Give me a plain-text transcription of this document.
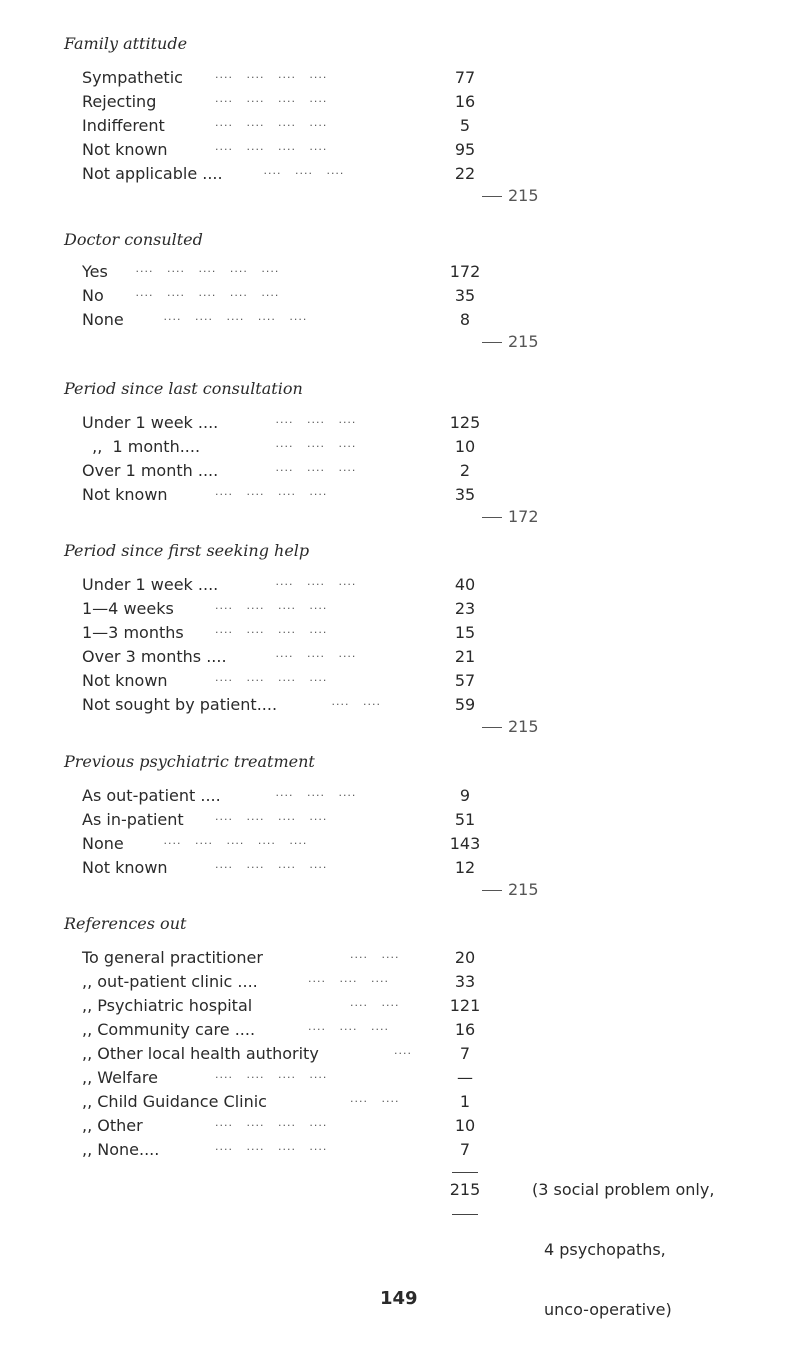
Family attitude
Sympathetic	....   ....   ....   ....	77
Rejecting	....   ....   ....   ....	16
Indifferent	....   ....   ....   ....	5
Not known	....   ....   ....   ....	95
Not applicable .... ....   ....   ....	22
215
Doctor consulted
Yes ....   ....   ....   ....   ....	172
No ....   ....   ....   ....   ....	35
None ....   ....   ....   ....   ....	8
215
Period since last consultation
Under 1 week ....	....   ....   ....	125
,,  1 month....	....   ....   ....	10
Over 1 month ....	....   ....   ....	2
Not known	....   ....   ....   ....	35
172
Period since first seeking help
Under 1 week ....	....   ....   ....	40
1—4 weeks	....   ....   ....   ....	23
1—3 months	....   ....   ....   ....	15
Over 3 months ....	....   ....   ....	21
Not known	....   ....   ....   ....	57
Not sought by patient....	....   ....	59
215
Previous psychiatric treatment
As out-patient ....	....   ....   ....	9
As in-patient	....   ....   ....   ....	51
None ....   ....   ....   ....   ....	143
Not known	....   ....   ....   ....	12
215
References out
To general practitioner	....   ....	20
,, out-patient clinic ....	....   ....   ....	33
,, Psychiatric hospital	....   ....	121
,, Community care ....	....   ....   ....	16
,, Other local health authority	....	7
,, Welfare	....   ....   ....   ....	—
,, Child Guidance Clinic	....   ....	1
,, Other	....   ....   ....   ....	10
,, None....	....   ....   ....   ....	7
215

	(3 social problem only,

4 psychopaths,

unco-operative)

149
